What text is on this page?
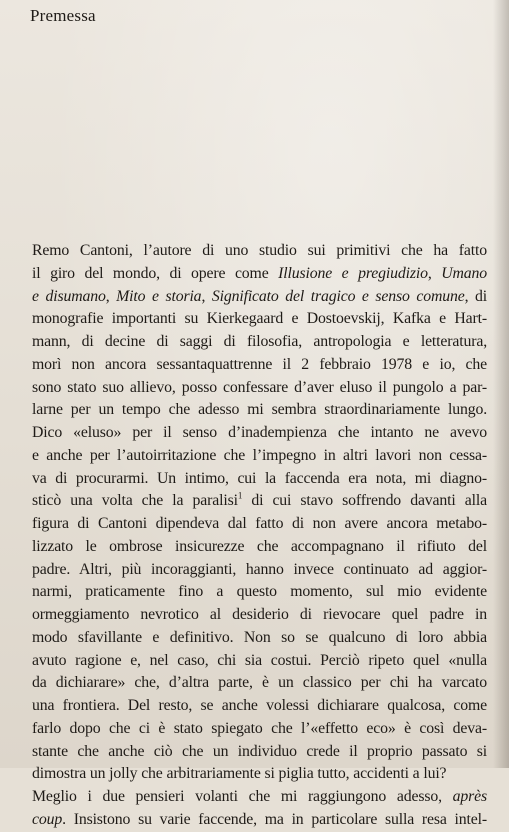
Premessa
Remo Cantoni, l’autore di uno studio sui primitivi che ha fatto
il giro del mondo, di opere come Illusione e pregiudizio, Umano
e disumano, Mito e storia, Significato del tragico e senso comune, di
monografie importanti su Kierkegaard e Dostoevskij, Kafka e Hart-
mann, di decine di saggi di filosofia, antropologia e letteratura,
morì non ancora sessantaquattrenne il 2 febbraio 1978 e io, che
sono stato suo allievo, posso confessare d’aver eluso il pungolo a par-
larne per un tempo che adesso mi sembra straordinariamente lungo.
Dico «eluso» per il senso d’inadempienza che intanto ne avevo
e anche per l’autoirritazione che l’impegno in altri lavori non cessa-
va di procurarmi. Un intimo, cui la faccenda era nota, mi diagno-
sticò una volta che la paralisi$^1$ di cui stavo soffrendo davanti alla
figura di Cantoni dipendeva dal fatto di non avere ancora metabo-
lizzato le ombrose insicurezze che accompagnano il rifiuto del
padre. Altri, più incoraggianti, hanno invece continuato ad aggior-
narmi, praticamente fino a questo momento, sul mio evidente
ormeggiamento nevrotico al desiderio di rievocare quel padre in
modo sfavillante e definitivo. Non so se qualcuno di loro abbia
avuto ragione e, nel caso, chi sia costui. Perciò ripeto quel «nulla
da dichiarare» che, d’altra parte, è un classico per chi ha varcato
una frontiera. Del resto, se anche volessi dichiarare qualcosa, come
farlo dopo che ci è stato spiegato che l’«effetto eco» è così deva-
stante che anche ciò che un individuo crede il proprio passato si
dimostra un jolly che arbitrariamente si piglia tutto, accidenti a lui?
Meglio i due pensieri volanti che mi raggiungono adesso, après
coup. Insistono su varie faccende, ma in particolare sulla resa intel-
